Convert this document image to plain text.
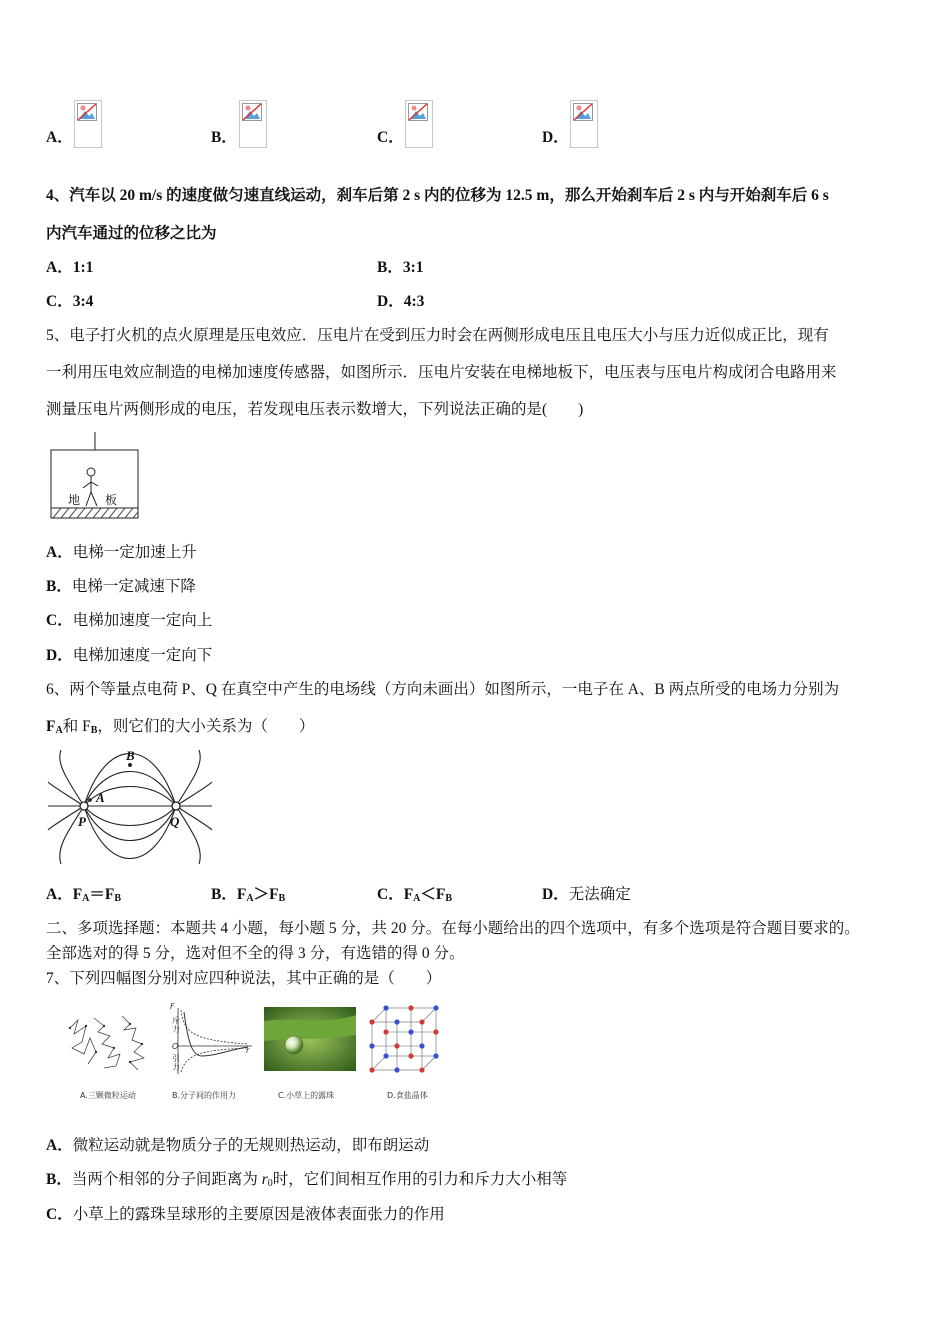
A．	B．	C．	D．
4、汽车以 20 m/s 的速度做匀速直线运动，刹车后第 2 s 内的位移为 12.5 m，那么开始刹车后 2 s 内与开始刹车后 6 s
内汽车通过的位移之比为
A．1:1	B．3:1
C．3:4	D．4:3
5、电子打火机的点火原理是压电效应．压电片在受到压力时会在两侧形成电压且电压大小与压力近似成正比，现有
一利用压电效应制造的电梯加速度传感器，如图所示．压电片安装在电梯地板下，电压表与压电片构成闭合电路用来
测量压电片两侧形成的电压，若发现电压表示数增大，下列说法正确的是(　　)
地 板
A．电梯一定加速上升
B．电梯一定减速下降
C．电梯加速度一定向上
D．电梯加速度一定向下
6、两个等量点电荷 P、Q 在真空中产生的电场线（方向未画出）如图所示，一电子在 A、B 两点所受的电场力分别为
$F_A$和 $F_B$，则它们的大小关系为（　　）
B
A
P	Q
A．$F_A=F_B$	B．$F_A>F_B$	C．$F_A<F_B$	D．无法确定
二、多项选择题：本题共 4 小题，每小题 5 分，共 20 分。在每小题给出的四个选项中，有多个选项是符合题目要求的。
全部选对的得 5 分，选对但不全的得 3 分，有选错的得 0 分。
7、下列四幅图分别对应四种说法，其中正确的是（　　）
F
r
O
斥力
引力
A.三颗微粒运动	B.分子间的作用力	C.小草上的露珠	D.食盐晶体
A．微粒运动就是物质分子的无规则热运动，即布朗运动
B．当两个相邻的分子间距离为 $r_0$时，它们间相互作用的引力和斥力大小相等
C．小草上的露珠呈球形的主要原因是液体表面张力的作用
